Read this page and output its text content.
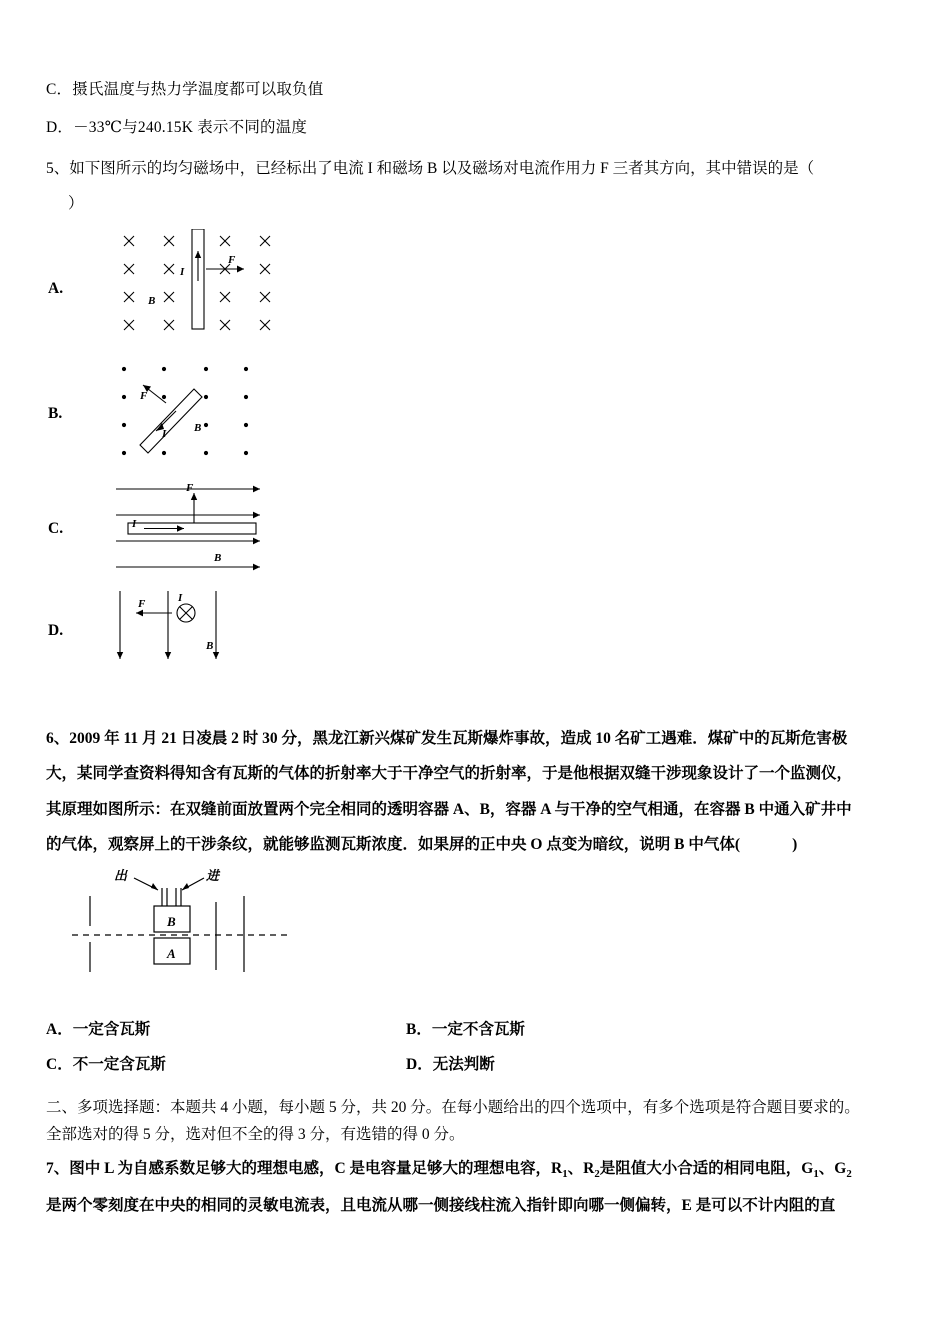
C．摄氏温度与热力学温度都可以取负值
D．－33℃与240.15K 表示不同的温度
5、如下图所示的均匀磁场中，已经标出了电流 I 和磁场 B 以及磁场对电流作用力 F 三者其方向，其中错误的是（
）
A.
I
F
B
B.
F
I	B
C.
F
I
B
D.
F	I
B
6、2009 年 11 月 21 日凌晨 2 时 30 分，黑龙江新兴煤矿发生瓦斯爆炸事故，造成 10 名矿工遇难．煤矿中的瓦斯危害极
大，某同学查资料得知含有瓦斯的气体的折射率大于干净空气的折射率，于是他根据双缝干涉现象设计了一个监测仪，
其原理如图所示：在双缝前面放置两个完全相同的透明容器 A、B，容器 A 与干净的空气相通，在容器 B 中通入矿井中
的气体，观察屏上的干涉条纹，就能够监测瓦斯浓度．如果屏的正中央 O 点变为暗纹，说明 B 中气体(	)
出	进
B
A
A．一定含瓦斯	B．一定不含瓦斯
C．不一定含瓦斯	D．无法判断
二、多项选择题：本题共 4 小题，每小题 5 分，共 20 分。在每小题给出的四个选项中，有多个选项是符合题目要求的。
全部选对的得 5 分，选对但不全的得 3 分，有选错的得 0 分。
7、图中 L 为自感系数足够大的理想电感，C 是电容量足够大的理想电容，$R_1$、$R_2$是阻值大小合适的相同电阻，$G_1$、$G_2$
是两个零刻度在中央的相同的灵敏电流表，且电流从哪一侧接线柱流入指针即向哪一侧偏转，E 是可以不计内阻的直
